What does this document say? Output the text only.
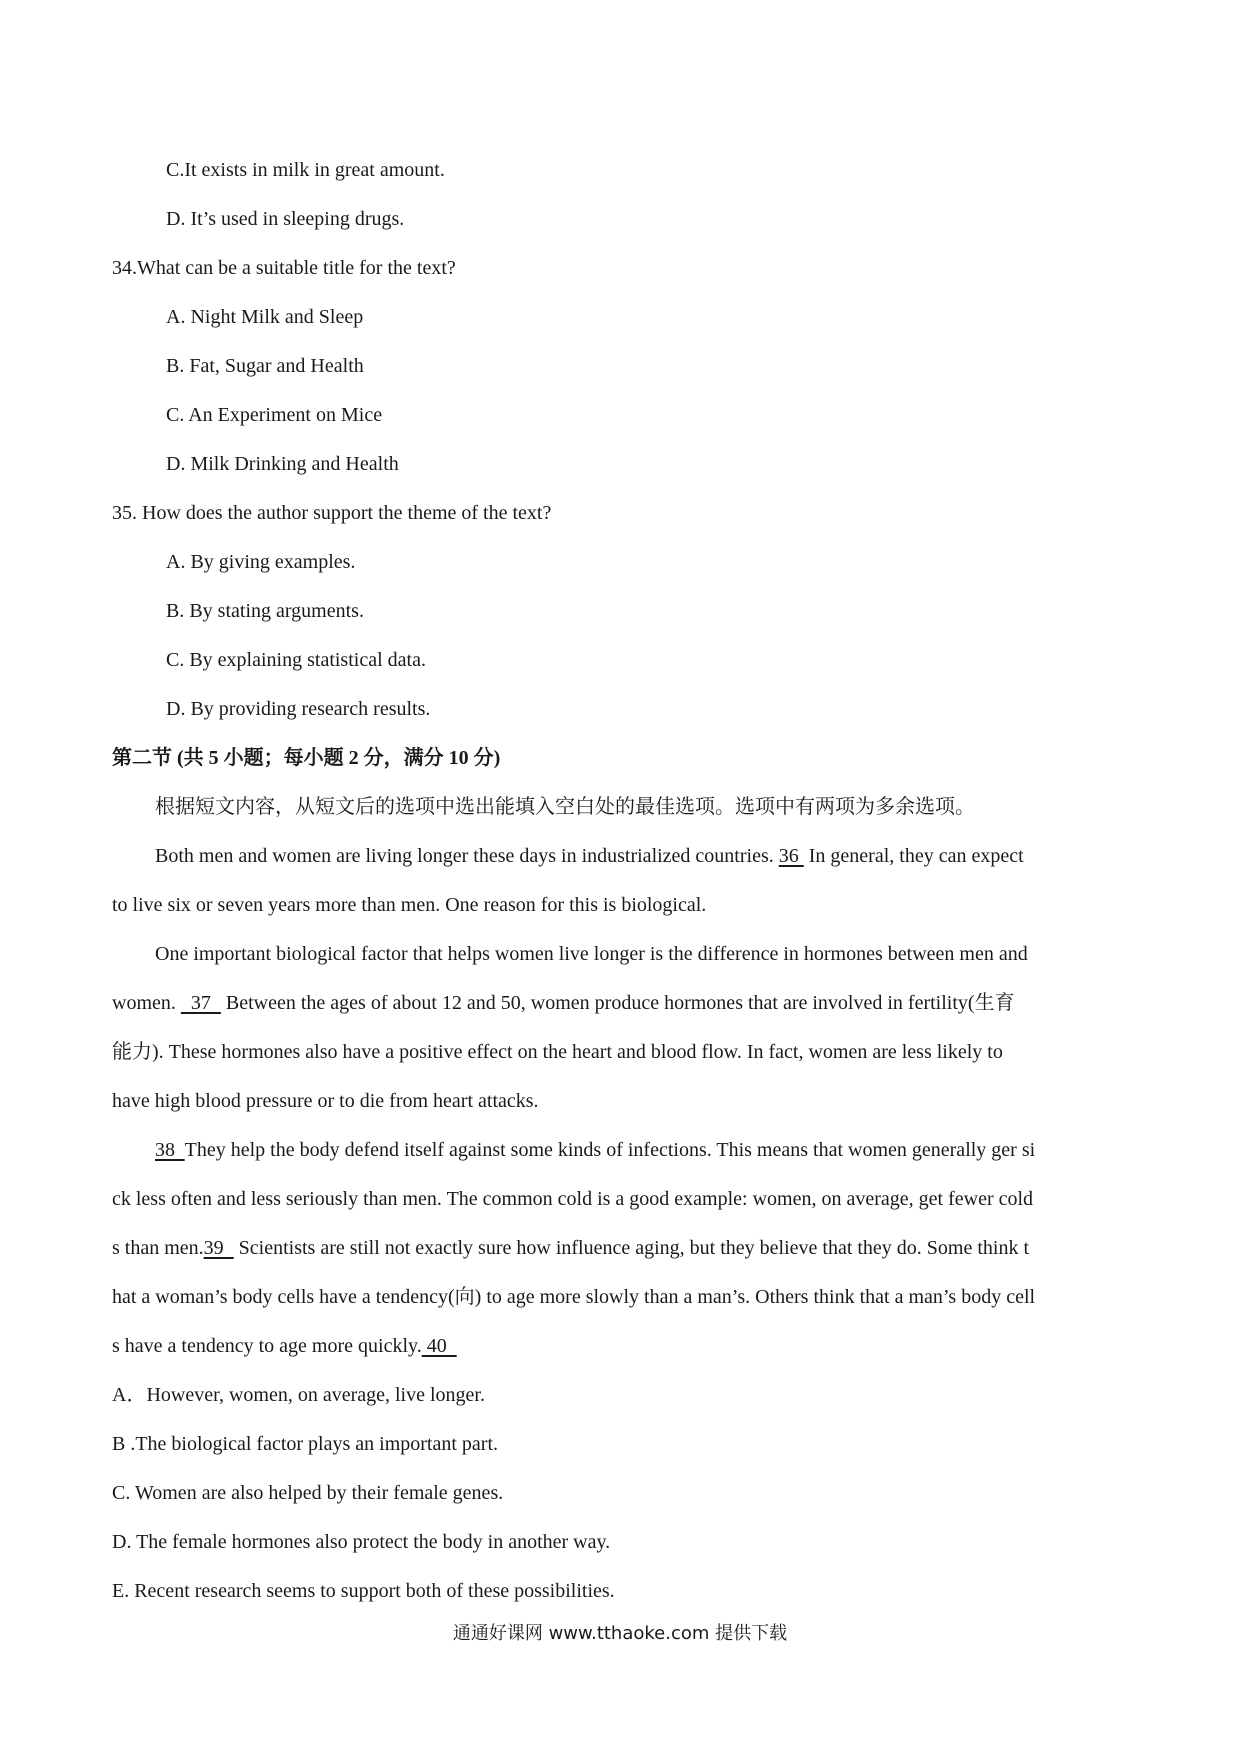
C.It exists in milk in great amount.
D. It’s used in sleeping drugs.
34.What can be a suitable title for the text?
A. Night Milk and Sleep
B. Fat, Sugar and Health
C. An Experiment on Mice
D. Milk Drinking and Health
35. How does the author support the theme of the text?
A. By giving examples.
B. By stating arguments.
C. By explaining statistical data.
D. By providing research results.
第二节 (共 5 小题；每小题 2 分，满分 10 分)
根据短文内容，从短文后的选项中选出能填入空白处的最佳选项。选项中有两项为多余选项。
Both men and women are living longer these days in industrialized countries. 36  In general, they can expect
to live six or seven years more than men. One reason for this is biological.
One important biological factor that helps women live longer is the difference in hormones between men and
women.   37   Between the ages of about 12 and 50, women produce hormones that are involved in fertility(生育
能力). These hormones also have a positive effect on the heart and blood flow. In fact, women are less likely to
have high blood pressure or to die from heart attacks.
38  They help the body defend itself against some kinds of infections. This means that women generally ger si
ck less often and less seriously than men. The common cold is a good example: women, on average, get fewer cold
s than men.39   Scientists are still not exactly sure how influence aging, but they believe that they do. Some think t
hat a woman’s body cells have a tendency(向) to age more slowly than a man’s. Others think that a man’s body cell
s have a tendency to age more quickly. 40
A．However, women, on average, live longer.
B .The biological factor plays an important part.
C. Women are also helped by their female genes.
D. The female hormones also protect the body in another way.
E. Recent research seems to support both of these possibilities.
通通好课网 www.tthaoke.com 提供下载
